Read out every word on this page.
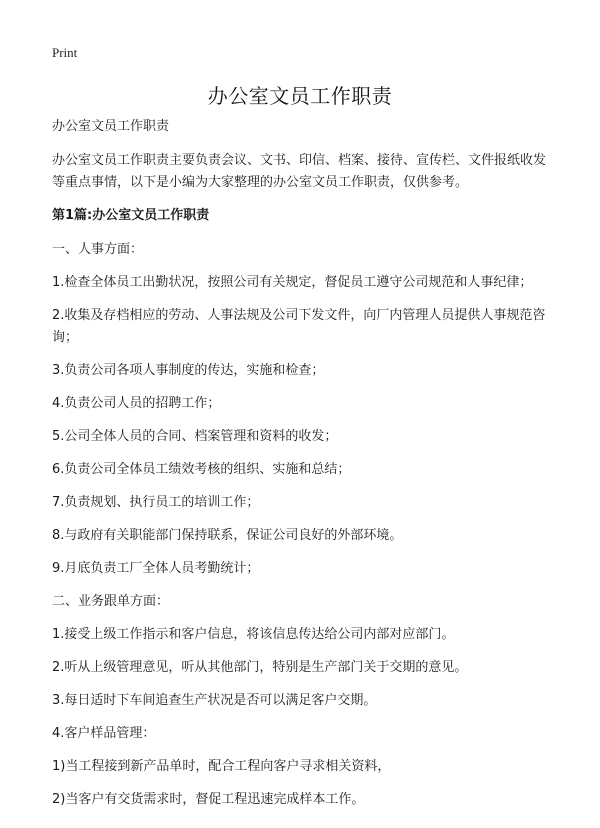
Print
办公室文员工作职责

办公室文员工作职责

办公室文员工作职责主要负责会议、文书、印信、档案、接待、宣传栏、文件报纸收发等重点事情，以下是小编为大家整理的办公室文员工作职责，仅供参考。

第1篇:办公室文员工作职责

一、人事方面：

1.检查全体员工出勤状况，按照公司有关规定，督促员工遵守公司规范和人事纪律；

2.收集及存档相应的劳动、人事法规及公司下发文件，向厂内管理人员提供人事规范咨询；

3.负责公司各项人事制度的传达，实施和检查；

4.负责公司人员的招聘工作；

5.公司全体人员的合同、档案管理和资料的收发；

6.负责公司全体员工绩效考核的组织、实施和总结；

7.负责规划、执行员工的培训工作；

8.与政府有关职能部门保持联系，保证公司良好的外部环境。

9.月底负责工厂全体人员考勤统计；

二、业务跟单方面：

1.接受上级工作指示和客户信息，将该信息传达给公司内部对应部门。

2.听从上级管理意见，听从其他部门，特别是生产部门关于交期的意见。

3.每日适时下车间追查生产状况是否可以满足客户交期。

4.客户样品管理：

1)当工程接到新产品单时，配合工程向客户寻求相关资料，

2)当客户有交货需求时，督促工程迅速完成样本工作。
